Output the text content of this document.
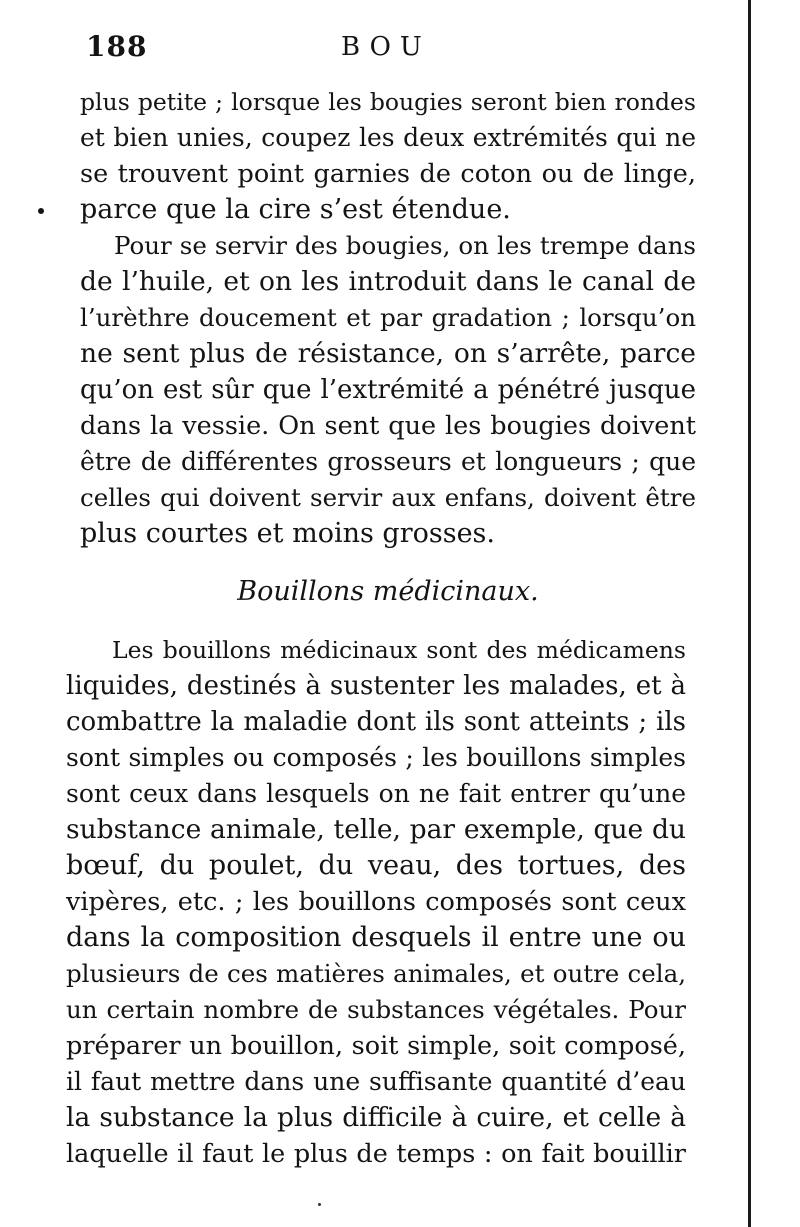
188	BOU
plus petite ; lorsque les bougies seront bien rondes
et bien unies, coupez les deux extrémités qui ne
se trouvent point garnies de coton ou de linge,
parce que la cire s’est étendue.
Pour se servir des bougies, on les trempe dans
de l’huile, et on les introduit dans le canal de
l’urèthre doucement et par gradation ; lorsqu’on
ne sent plus de résistance, on s’arrête, parce
qu’on est sûr que l’extrémité a pénétré jusque
dans la vessie. On sent que les bougies doivent
être de différentes grosseurs et longueurs ; que
celles qui doivent servir aux enfans, doivent être
plus courtes et moins grosses.
Bouillons médicinaux.
Les bouillons médicinaux sont des médicamens
liquides, destinés à sustenter les malades, et à
combattre la maladie dont ils sont atteints ; ils
sont simples ou composés ; les bouillons simples
sont ceux dans lesquels on ne fait entrer qu’une
substance animale, telle, par exemple, que du
bœuf, du poulet, du veau, des tortues, des
vipères, etc. ; les bouillons composés sont ceux
dans la composition desquels il entre une ou
plusieurs de ces matières animales, et outre cela,
un certain nombre de substances végétales. Pour
préparer un bouillon, soit simple, soit composé,
il faut mettre dans une suffisante quantité d’eau
la substance la plus difficile à cuire, et celle à
laquelle il faut le plus de temps : on fait bouillir
